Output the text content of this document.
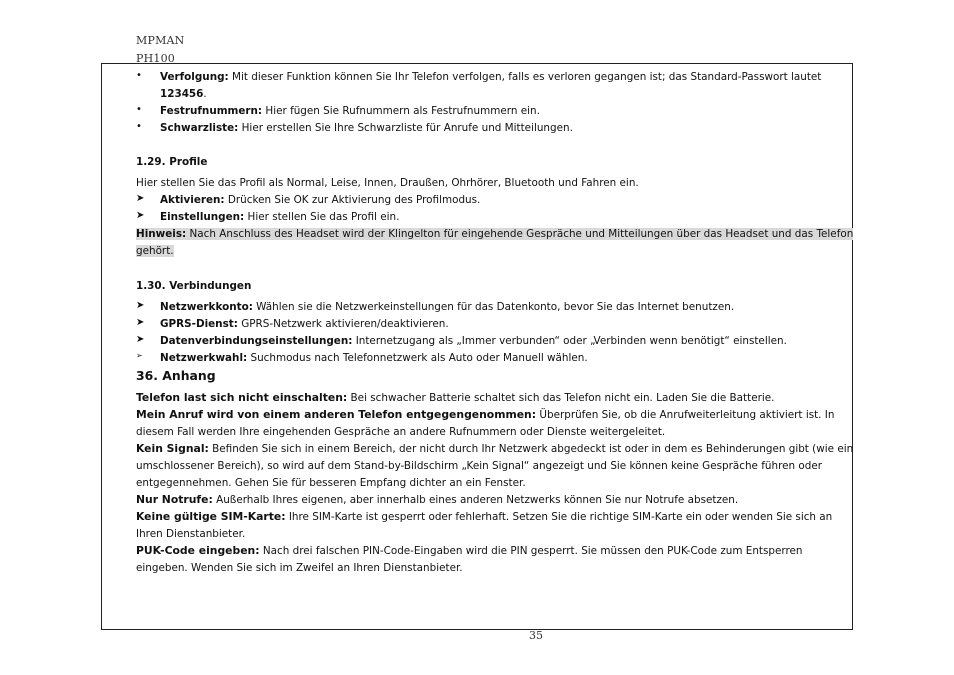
MPMAN
PH100
• Verfolgung: Mit dieser Funktion können Sie Ihr Telefon verfolgen, falls es verloren gegangen ist; das Standard-Passwort lautet
123456.
• Festrufnummern: Hier fügen Sie Rufnummern als Festrufnummern ein.
• Schwarzliste: Hier erstellen Sie Ihre Schwarzliste für Anrufe und Mitteilungen.
1.29. Profile
Hier stellen Sie das Profil als Normal, Leise, Innen, Draußen, Ohrhörer, Bluetooth und Fahren ein.
➤ Aktivieren: Drücken Sie OK zur Aktivierung des Profilmodus.
➤ Einstellungen: Hier stellen Sie das Profil ein.
Hinweis: Nach Anschluss des Headset wird der Klingelton für eingehende Gespräche und Mitteilungen über das Headset und das Telefon
gehört.
1.30. Verbindungen
➤ Netzwerkkonto: Wählen sie die Netzwerkeinstellungen für das Datenkonto, bevor Sie das Internet benutzen.
➤ GPRS-Dienst: GPRS-Netzwerk aktivieren/deaktivieren.
➤ Datenverbindungseinstellungen: Internetzugang als „Immer verbunden“ oder „Verbinden wenn benötigt“ einstellen.
➢ Netzwerkwahl: Suchmodus nach Telefonnetzwerk als Auto oder Manuell wählen.
36. Anhang
Telefon last sich nicht einschalten: Bei schwacher Batterie schaltet sich das Telefon nicht ein. Laden Sie die Batterie.
Mein Anruf wird von einem anderen Telefon entgegengenommen: Überprüfen Sie, ob die Anrufweiterleitung aktiviert ist. In
diesem Fall werden Ihre eingehenden Gespräche an andere Rufnummern oder Dienste weitergeleitet.
Kein Signal: Befinden Sie sich in einem Bereich, der nicht durch Ihr Netzwerk abgedeckt ist oder in dem es Behinderungen gibt (wie ein
umschlossener Bereich), so wird auf dem Stand-by-Bildschirm „Kein Signal“ angezeigt und Sie können keine Gespräche führen oder
entgegennehmen. Gehen Sie für besseren Empfang dichter an ein Fenster.
Nur Notrufe: Außerhalb Ihres eigenen, aber innerhalb eines anderen Netzwerks können Sie nur Notrufe absetzen.
Keine gültige SIM-Karte: Ihre SIM-Karte ist gesperrt oder fehlerhaft. Setzen Sie die richtige SIM-Karte ein oder wenden Sie sich an
Ihren Dienstanbieter.
PUK-Code eingeben: Nach drei falschen PIN-Code-Eingaben wird die PIN gesperrt. Sie müssen den PUK-Code zum Entsperren
eingeben. Wenden Sie sich im Zweifel an Ihren Dienstanbieter.
35
